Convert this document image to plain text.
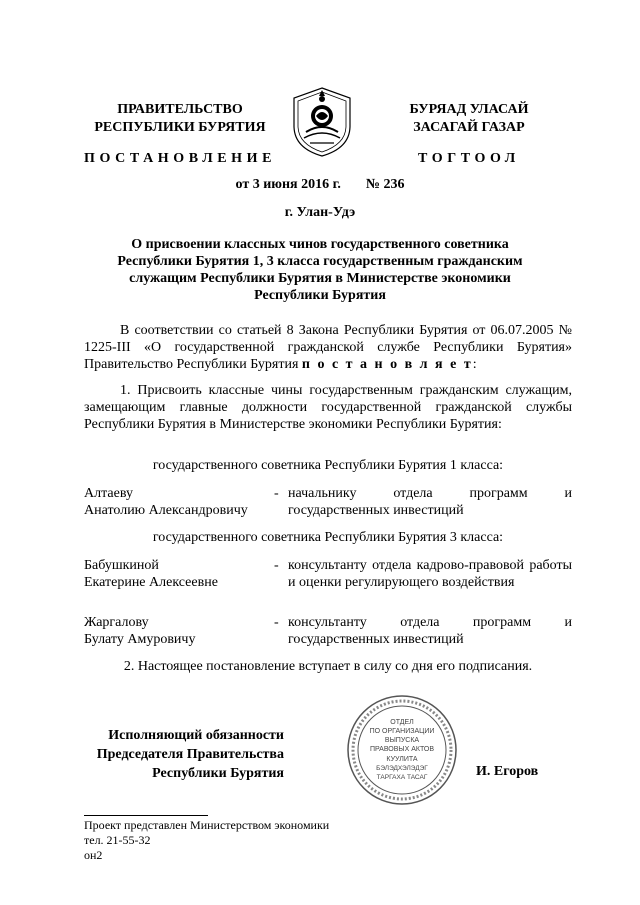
ПРАВИТЕЛЬСТВО
РЕСПУБЛИКИ БУРЯТИЯ
БУРЯАД УЛАСАЙ
ЗАСАГАЙ ГАЗАР
ПОСТАНОВЛЕНИЕ	ТОГТООЛ
от 3 июня 2016 г. № 236
г. Улан-Удэ
О присвоении классных чинов государственного советника
Республики Бурятия 1, 3 класса государственным гражданским
служащим Республики Бурятия в Министерстве экономики
Республики Бурятия
В соответствии со статьей 8 Закона Республики Бурятия от 06.07.2005 № 1225-III «О государственной гражданской службе Республики Бурятия» Правительство Республики Бурятия п о с т а н о в л я е т:
1. Присвоить классные чины государственным гражданским служащим, замещающим главные должности государственной гражданской службы Республики Бурятия в Министерстве экономики Республики Бурятия:
государственного советника Республики Бурятия 1 класса:
Алтаеву
Анатолию Александровичу
- начальнику отдела программ и государственных инвестиций
государственного советника Республики Бурятия 3 класса:
Бабушкиной
Екатерине Алексеевне
- консультанту отдела кадрово-правовой работы и оценки регулирующего воздействия
Жаргалову
Булату Амуровичу
- консультанту отдела программ и государственных инвестиций
2. Настоящее постановление вступает в силу со дня его подписания.
Исполняющий обязанности
Председателя Правительства
Республики Бурятия
ОТДЕЛ
ПО ОРГАНИЗАЦИИ
ВЫПУСКА
ПРАВОВЫХ АКТОВ
КУУЛИТА
БЭЛЭДХЭЛЭДЭГ
ТАРГАХА ТАСАГ	И. Егоров
Проект представлен Министерством экономики
тел. 21-55-32
он2
